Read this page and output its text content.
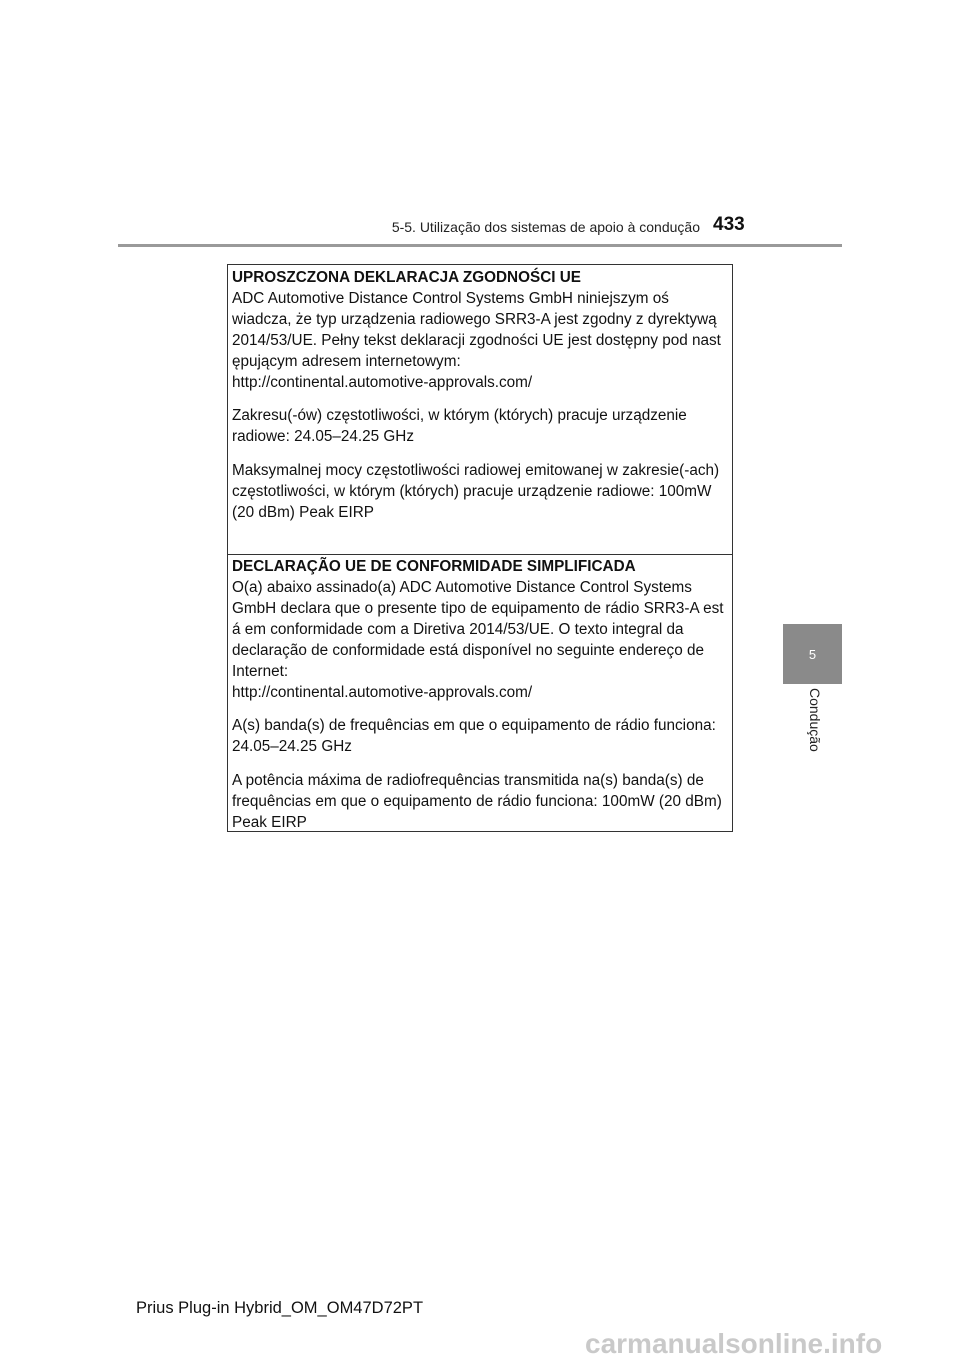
5-5. Utilização dos sistemas de apoio à condução 433
5
Condução
UPROSZCZONA DEKLARACJA ZGODNOŚCI UE
ADC Automotive Distance Control Systems GmbH niniejszym oś
wiadcza, że typ urządzenia radiowego SRR3-A jest zgodny z dyrektywą
2014/53/UE. Pełny tekst deklaracji zgodności UE jest dostępny pod nast
ępującym adresem internetowym:
http://continental.automotive-approvals.com/
Zakresu(-ów) częstotliwości, w którym (których) pracuje urządzenie
radiowe: 24.05–24.25 GHz
Maksymalnej mocy częstotliwości radiowej emitowanej w zakresie(-ach)
częstotliwości, w którym (których) pracuje urządzenie radiowe: 100mW
(20 dBm) Peak EIRP
DECLARAÇÃO UE DE CONFORMIDADE SIMPLIFICADA
O(a) abaixo assinado(a) ADC Automotive Distance Control Systems
GmbH declara que o presente tipo de equipamento de rádio SRR3-A est
á em conformidade com a Diretiva 2014/53/UE. O texto integral da
declaração de conformidade está disponível no seguinte endereço de
Internet:
http://continental.automotive-approvals.com/
A(s) banda(s) de frequências em que o equipamento de rádio funciona:
24.05–24.25 GHz
A potência máxima de radiofrequências transmitida na(s) banda(s) de
frequências em que o equipamento de rádio funciona: 100mW (20 dBm)
Peak EIRP
Prius Plug-in Hybrid_OM_OM47D72PT
carmanualsonline.info
